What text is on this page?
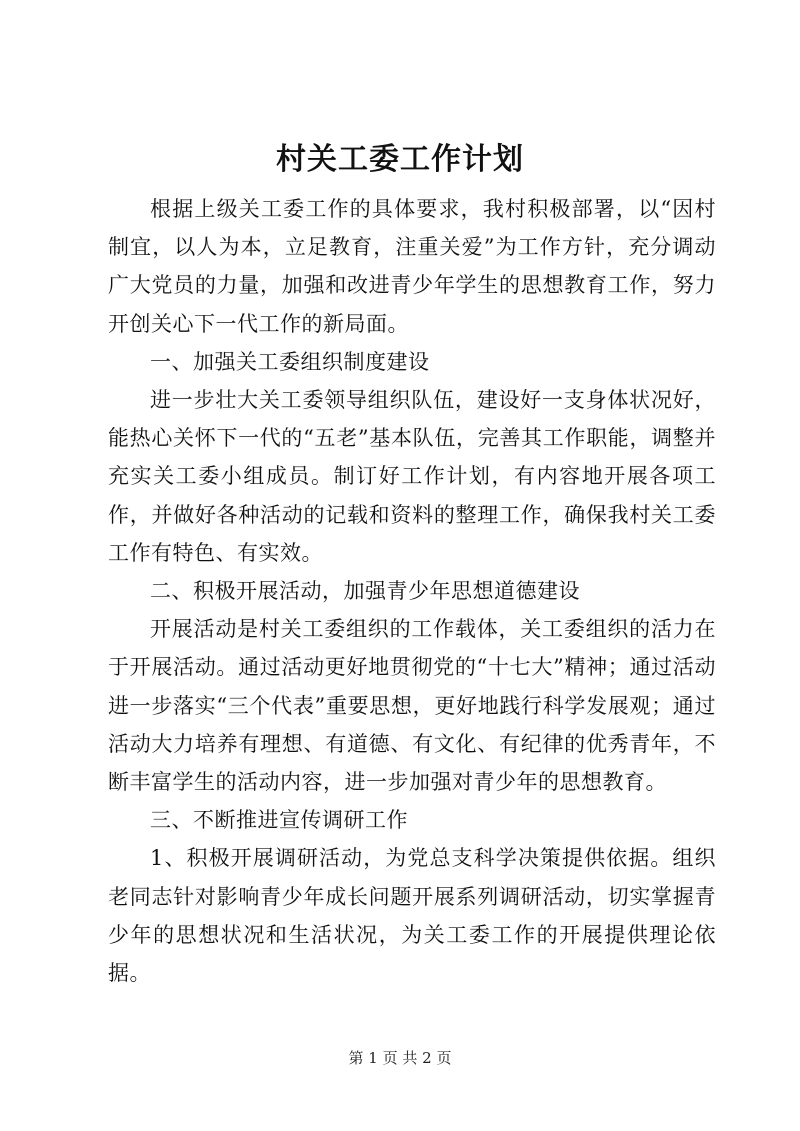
村关工委工作计划

根据上级关工委工作的具体要求，我村积极部署，以“因村制宜，以人为本，立足教育，注重关爱”为工作方针，充分调动广大党员的力量，加强和改进青少年学生的思想教育工作，努力开创关心下一代工作的新局面。

一、加强关工委组织制度建设

进一步壮大关工委领导组织队伍，建设好一支身体状况好，能热心关怀下一代的“五老”基本队伍，完善其工作职能，调整并充实关工委小组成员。制订好工作计划，有内容地开展各项工作，并做好各种活动的记载和资料的整理工作，确保我村关工委工作有特色、有实效。

二、积极开展活动，加强青少年思想道德建设

开展活动是村关工委组织的工作载体，关工委组织的活力在于开展活动。通过活动更好地贯彻党的“十七大”精神；通过活动进一步落实“三个代表”重要思想，更好地践行科学发展观；通过活动大力培养有理想、有道德、有文化、有纪律的优秀青年，不断丰富学生的活动内容，进一步加强对青少年的思想教育。

三、不断推进宣传调研工作

1、积极开展调研活动，为党总支科学决策提供依据。组织老同志针对影响青少年成长问题开展系列调研活动，切实掌握青少年的思想状况和生活状况，为关工委工作的开展提供理论依据。

第 1 页 共 2 页
